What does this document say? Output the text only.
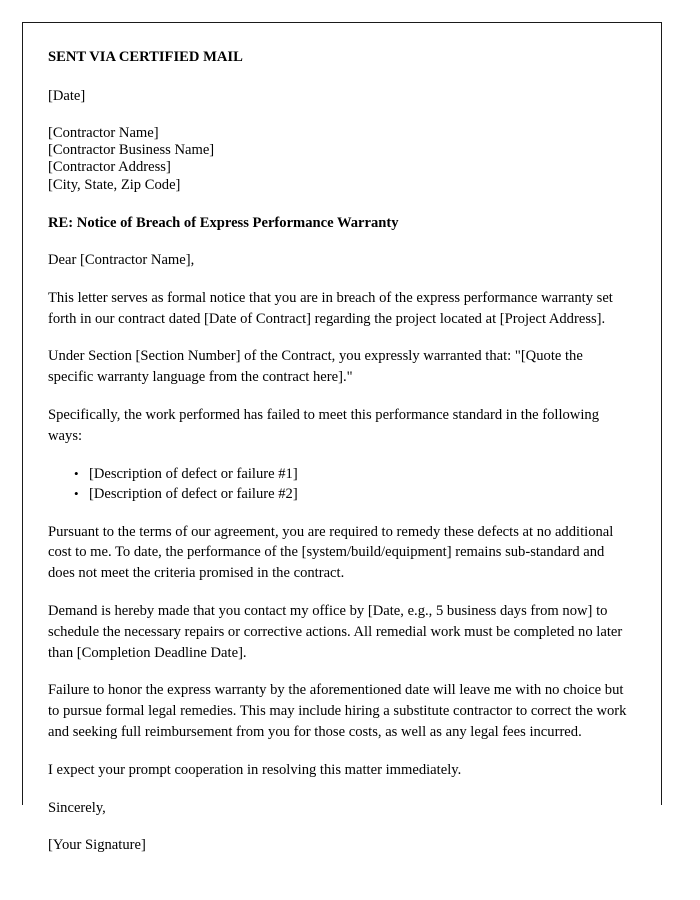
SENT VIA CERTIFIED MAIL

[Date]

[Contractor Name]

[Contractor Business Name]

[Contractor Address]

[City, State, Zip Code]

RE: Notice of Breach of Express Performance Warranty

Dear [Contractor Name],

This letter serves as formal notice that you are in breach of the express performance warranty set forth in our contract dated [Date of Contract] regarding the project located at [Project Address].

Under Section [Section Number] of the Contract, you expressly warranted that: "[Quote the specific warranty language from the contract here]."

Specifically, the work performed has failed to meet this performance standard in the following ways:

• [Description of defect or failure #1]
• [Description of defect or failure #2]

Pursuant to the terms of our agreement, you are required to remedy these defects at no additional cost to me. To date, the performance of the [system/build/equipment] remains sub-standard and does not meet the criteria promised in the contract.

Demand is hereby made that you contact my office by [Date, e.g., 5 business days from now] to schedule the necessary repairs or corrective actions. All remedial work must be completed no later than [Completion Deadline Date].

Failure to honor the express warranty by the aforementioned date will leave me with no choice but to pursue formal legal remedies. This may include hiring a substitute contractor to correct the work and seeking full reimbursement from you for those costs, as well as any legal fees incurred.

I expect your prompt cooperation in resolving this matter immediately.

Sincerely,

[Your Signature]
